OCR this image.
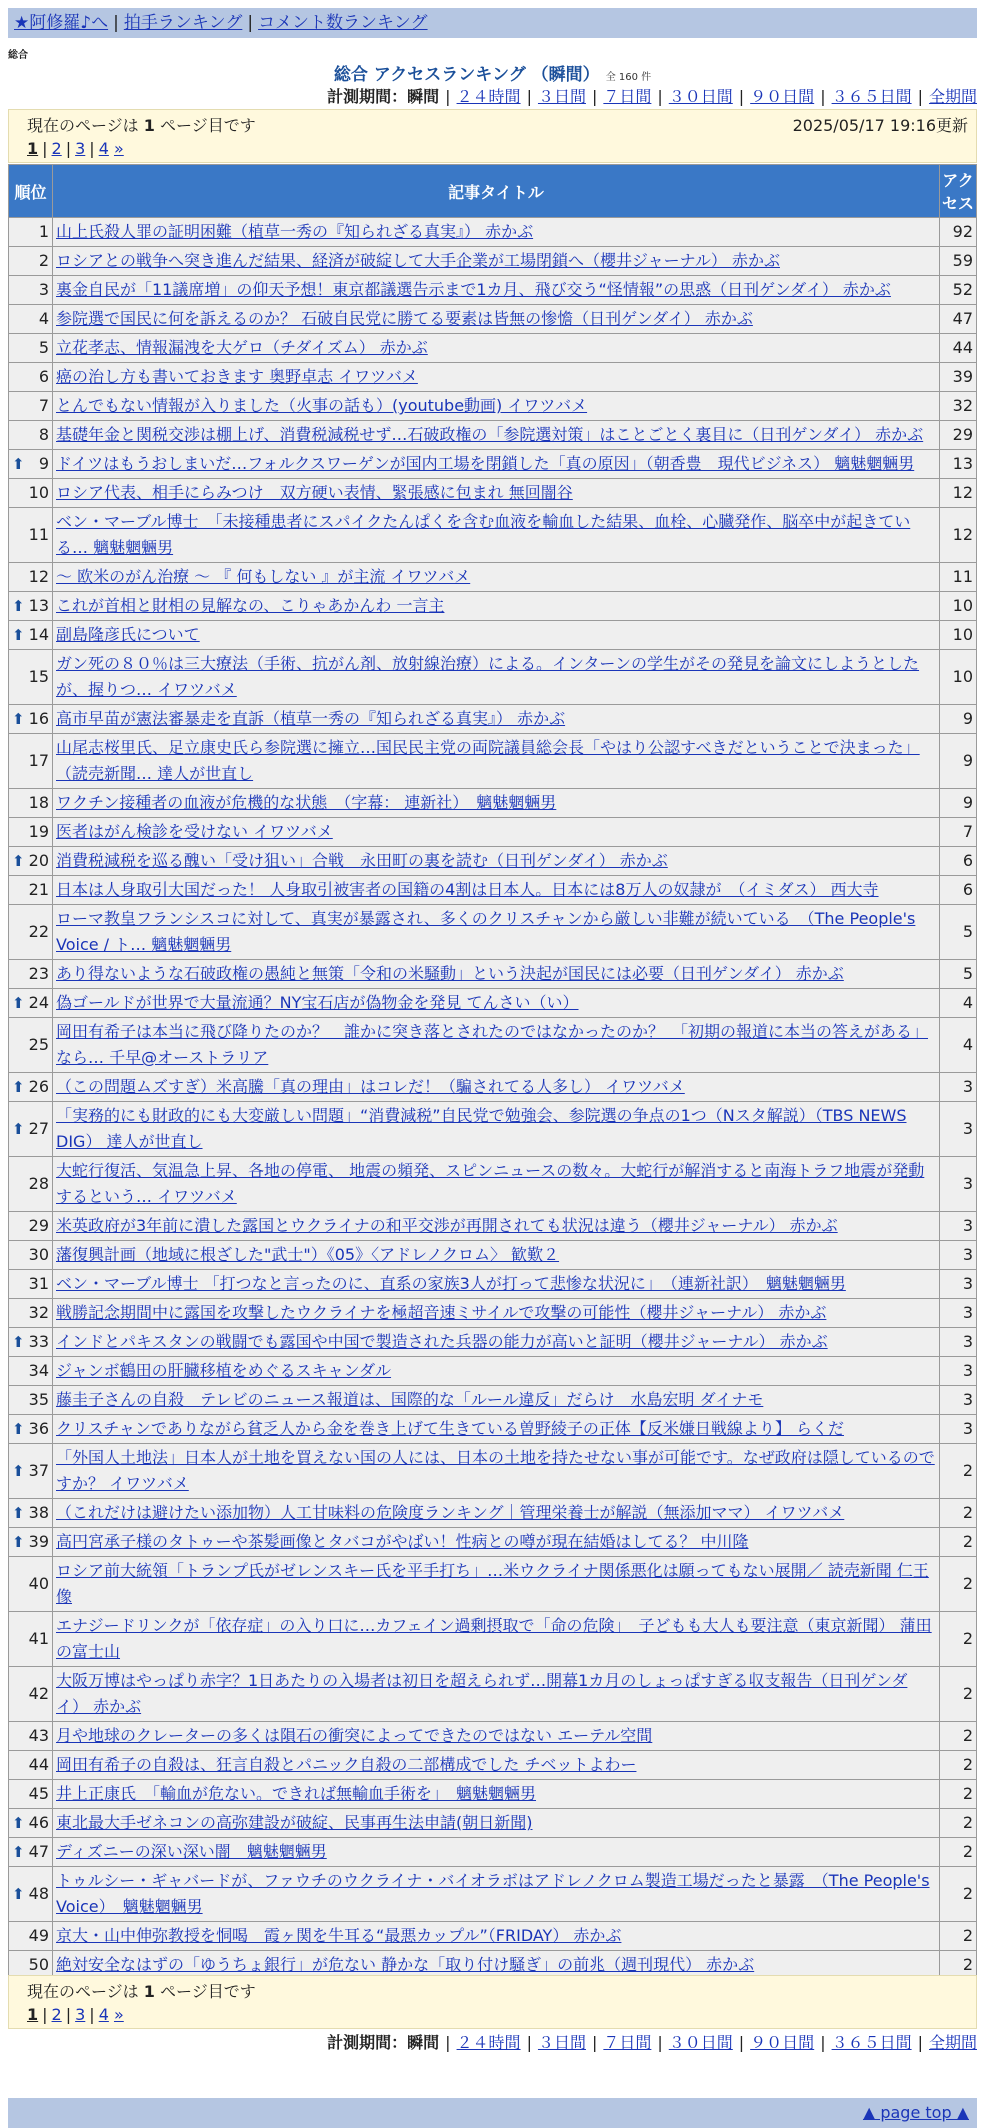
★阿修羅♪へ | 拍手ランキング | コメント数ランキング
総合
総合 アクセスランキング （瞬間） 全 160 件
計測期間：瞬間 | ２４時間 | ３日間 | ７日間 | ３０日間 | ９０日間 | ３６５日間 | 全期間
現在のページは 1 ページ目です	2025/05/17 19:16更新
1 | 2 | 3 | 4 »
順位	記事タイトル	アクセス
1	山上氏殺人罪の証明困難（植草一秀の『知られざる真実』） 赤かぶ	92
2	ロシアとの戦争へ突き進んだ結果、経済が破綻して大手企業が工場閉鎖へ（櫻井ジャーナル） 赤かぶ	59
3	裏金自民が「11議席増」の仰天予想！東京都議選告示まで1カ月、飛び交う“怪情報”の思惑（日刊ゲンダイ） 赤かぶ	52
4	参院選で国民に何を訴えるのか？ 石破自民党に勝てる要素は皆無の惨憺（日刊ゲンダイ） 赤かぶ	47
5	立花孝志、情報漏洩を大ゲロ（チダイズム） 赤かぶ	44
6	癌の治し方も書いておきます 奥野卓志 イワツバメ	39
7	とんでもない情報が入りました（火事の話も）(youtube動画) イワツバメ	32
8	基礎年金と関税交渉は棚上げ、消費税減税せず…石破政権の「参院選対策」はことごとく裏目に（日刊ゲンダイ） 赤かぶ	29

⬆ 9	ドイツはもうおしまいだ…フォルクスワーゲンが国内工場を閉鎖した「真の原因」（朝香豊　現代ビジネス） 魑魅魍魎男	13
10	ロシア代表、相手にらみつけ　双方硬い表情、緊張感に包まれ 無回闇谷	12
11	ベン・マーブル博士　「未接種患者にスパイクたんぱくを含む血液を輸血した結果、血栓、心臓発作、脳卒中が起きている… 魑魅魍魎男	12
12	～ 欧米のがん治療 ～ 『 何もしない 』が主流 イワツバメ	11

⬆ 13	これが首相と財相の見解なの、こりゃあかんわ 一言主	10

⬆ 14	副島隆彦氏について	10
15	ガン死の８０％は三大療法（手術、抗がん剤、放射線治療）による。インターンの学生がその発見を論文にしようとしたが、握りつ… イワツバメ	10

⬆ 16	高市早苗が憲法審暴走を直訴（植草一秀の『知られざる真実』） 赤かぶ	9
17	山尾志桜里氏、足立康史氏ら参院選に擁立…国民民主党の両院議員総会長「やはり公認すべきだということで決まった」（読売新聞… 達人が世直し	9
18	ワクチン接種者の血液が危機的な状態　（字幕： 連新社）　魑魅魍魎男	9
19	医者はがん検診を受けない イワツバメ	7

⬆ 20	消費税減税を巡る醜い「受け狙い」合戦　永田町の裏を読む（日刊ゲンダイ） 赤かぶ	6
21	日本は人身取引大国だった！ 人身取引被害者の国籍の4割は日本人。日本には8万人の奴隷が　（イミダス） 西大寺	6
22	ローマ教皇フランシスコに対して、真実が暴露され、多くのクリスチャンから厳しい非難が続いている　（The People's Voice / ト… 魑魅魍魎男	5
23	あり得ないような石破政権の愚純と無策「令和の米騒動」という決起が国民には必要（日刊ゲンダイ） 赤かぶ	5

⬆ 24	偽ゴールドが世界で大量流通？NY宝石店が偽物金を発見 てんさい（い）	4
25	岡田有希子は本当に飛び降りたのか？　誰かに突き落とされたのではなかったのか？　「初期の報道に本当の答えがある」なら… 千早@オーストラリア	4

⬆ 26	（この問題ムズすぎ）米高騰「真の理由」はコレだ！（騙されてる人多し） イワツバメ	3

⬆ 27	「実務的にも財政的にも大変厳しい問題」“消費減税”自民党で勉強会、参院選の争点の1つ（Nスタ解説）（TBS NEWS DIG） 達人が世直し	3
28	大蛇行復活、気温急上昇、各地の停電、 地震の頻発、スピンニュースの数々。大蛇行が解消すると南海トラフ地震が発動するという… イワツバメ	3
29	米英政府が3年前に潰した露国とウクライナの和平交渉が再開されても状況は違う（櫻井ジャーナル） 赤かぶ	3
30	藩復興計画（地域に根ざした"武士"）《05》〈アドレノクロム〉 歓歎２	3
31	ベン・マーブル博士 「打つなと言ったのに、直系の家族3人が打って悲惨な状況に」　（連新社訳）　魑魅魍魎男	3
32	戦勝記念期間中に露国を攻撃したウクライナを極超音速ミサイルで攻撃の可能性（櫻井ジャーナル） 赤かぶ	3

⬆ 33	インドとパキスタンの戦闘でも露国や中国で製造された兵器の能力が高いと証明（櫻井ジャーナル） 赤かぶ	3
34	ジャンボ鶴田の肝臓移植をめぐるスキャンダル	3
35	藤圭子さんの自殺　テレビのニュース報道は、国際的な「ルール違反」だらけ　水島宏明 ダイナモ	3

⬆ 36	クリスチャンでありながら貧乏人から金を巻き上げて生きている曽野綾子の正体【反米嫌日戦線より】 らくだ	3

⬆ 37	「外国人土地法」日本人が土地を買えない国の人には、日本の土地を持たせない事が可能です。なぜ政府は隠しているのですか？ イワツバメ	2

⬆ 38	（これだけは避けたい添加物）人工甘味料の危険度ランキング｜管理栄養士が解説（無添加ママ） イワツバメ	2

⬆ 39	高円宮承子様のタトゥーや茶髪画像とタバコがやばい！性病との噂が現在結婚はしてる？ 中川隆	2
40	ロシア前大統領「トランプ氏がゼレンスキー氏を平手打ち」…米ウクライナ関係悪化は願ってもない展開／ 読売新聞 仁王像	2
41	エナジードリンクが「依存症」の入り口に…カフェイン過剰摂取で「命の危険」　子どもも大人も要注意（東京新聞） 蒲田の富士山	2
42	大阪万博はやっぱり赤字？1日あたりの入場者は初日を超えられず…開幕1カ月のしょっぱすぎる収支報告（日刊ゲンダイ） 赤かぶ	2
43	月や地球のクレーターの多くは隕石の衝突によってできたのではない エーテル空間	2
44	岡田有希子の自殺は、狂言自殺とパニック自殺の二部構成でした チベットよわー	2
45	井上正康氏　「輸血が危ない。できれば無輸血手術を」　魑魅魍魎男	2

⬆ 46	東北最大手ゼネコンの高弥建設が破綻、民事再生法申請(朝日新聞)	2

⬆ 47	ディズニーの深い深い闇　魑魅魍魎男	2

⬆ 48	トゥルシー・ギャバードが、ファウチのウクライナ・バイオラボはアドレノクロム製造工場だったと暴露　（The People's Voice）　魑魅魍魎男	2
49	京大・山中伸弥教授を恫喝　霞ヶ関を牛耳る“最悪カップル”（FRIDAY） 赤かぶ	2
50	絶対安全なはずの「ゆうちょ銀行」が危ない 静かな「取り付け騒ぎ」の前兆（週刊現代） 赤かぶ	2
現在のページは 1 ページ目です
1 | 2 | 3 | 4 »
計測期間：瞬間 | ２４時間 | ３日間 | ７日間 | ３０日間 | ９０日間 | ３６５日間 | 全期間
▲ page top ▲
